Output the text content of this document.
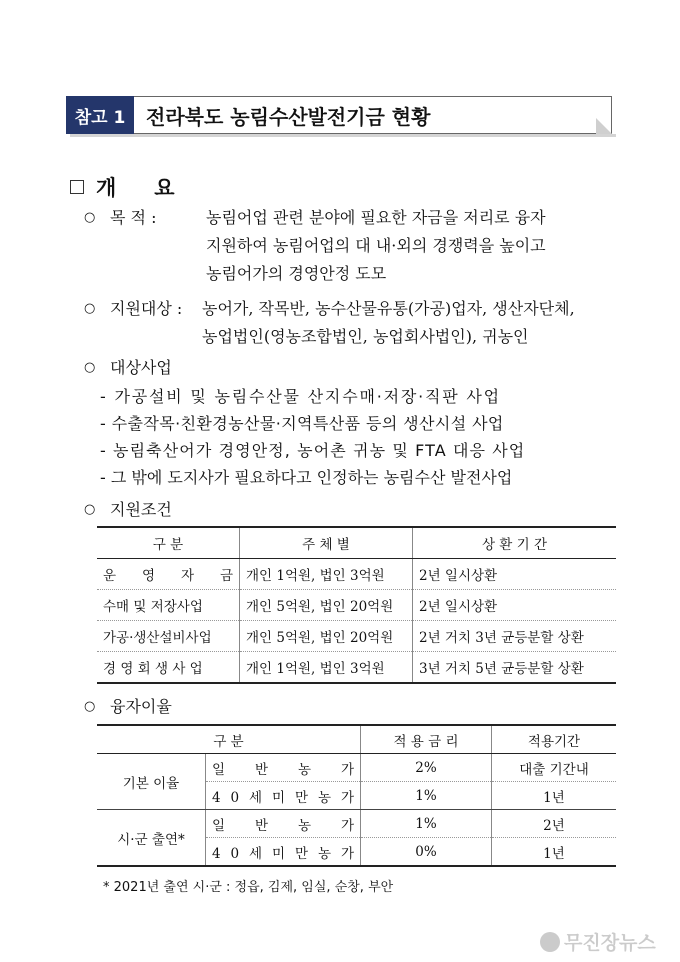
참고 1	전라북도 농림수산발전기금 현황
개요
○ 목 적 :	농림어업 관련 분야에 필요한 자금을 저리로 융자
지원하여 농림어업의 대 내·외의 경쟁력을 높이고
농림어가의 경영안정 도모
○ 지원대상 : 농어가, 작목반, 농수산물유통(가공)업자, 생산자단체,
농업법인(영농조합법인, 농업회사법인), 귀농인
○ 대상사업
- 가공설비 및 농림수산물 산지수매·저장·직판 사업
- 수출작목·친환경농산물·지역특산품 등의 생산시설 사업
- 농림축산어가 경영안정, 농어촌 귀농 및 FTA 대응 사업
- 그 밖에 도지사가 필요하다고 인정하는 농림수산 발전사업
○ 지원조건
구 분	주 체 별	상 환 기 간
운 영 자 금	개인 1억원, 법인 3억원	2년 일시상환
수매 및 저장사업	개인 5억원, 법인 20억원	2년 일시상환
가공·생산설비사업	개인 5억원, 법인 20억원	2년 거치 3년 균등분할 상환
경 영 회 생 사 업	개인 1억원, 법인 3억원	3년 거치 5년 균등분할 상환
○ 융자이율
구 분		적 용 금 리	적용기간
기본 이율	일 반 농 가	2%	대출 기간내
	4 0 세 미 만 농 가	1%	1년
시·군 출연*	일 반 농 가	1%	2년
	4 0 세 미 만 농 가	0%	1년
* 2021년 출연 시·군 : 정읍, 김제, 임실, 순창, 부안
무진장뉴스
